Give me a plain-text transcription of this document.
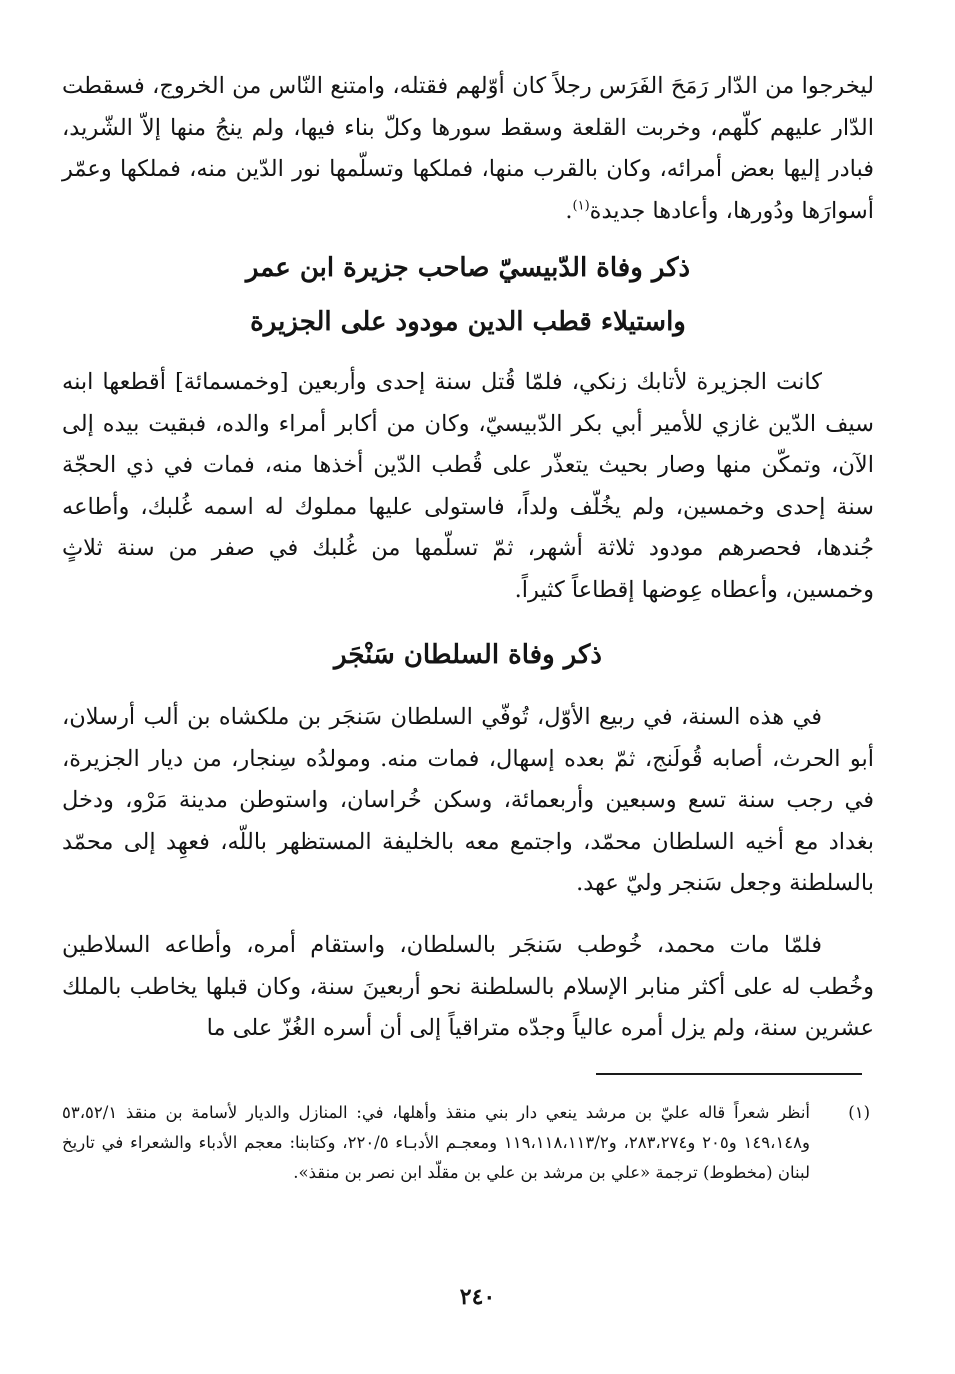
ليخرجوا من الدّار رَمَحَ الفَرَس رجلاً كان أوّلهم فقتله، وامتنع النّاس من الخروج، فسقطت الدّار عليهم كلّهم، وخربت القلعة وسقط سورها وكلّ بناء فيها، ولم ينجُ منها إلاّ الشّريد، فبادر إليها بعض أمرائه، وكان بالقرب منها، فملكها وتسلّمها نور الدّين منه، فملكها وعمّر أسوارَها ودُورها، وأعادها جديدة$^{(١)}$.

ذكر وفاة الدّبيسيّ صاحب جزيرة ابن عمر
واستيلاء قطب الدين مودود على الجزيرة

كانت الجزيرة لأتابك زنكي، فلمّا قُتل سنة إحدى وأربعين [وخمسمائة] أقطعها ابنه سيف الدّين غازي للأمير أبي بكر الدّبيسيّ، وكان من أكابر أمراء والده، فبقيت بيده إلى الآن، وتمكّن منها وصار بحيث يتعذّر على قُطب الدّين أخذها منه، فمات في ذي الحجّة سنة إحدى وخمسين، ولم يخُلّف ولداً، فاستولى عليها مملوك له اسمه غُلبك، وأطاعه جُندها، فحصرهم مودود ثلاثة أشهر، ثمّ تسلّمها من غُلبك في صفر من سنة ثلاثٍ وخمسين، وأعطاه عِوضها إقطاعاً كثيراً.

ذكر وفاة السلطان سَنْجَر

في هذه السنة، في ربيع الأوّل، تُوفّي السلطان سَنجَر بن ملكشاه بن ألب أرسلان، أبو الحرث، أصابه قُولَنج، ثمّ بعده إسهال، فمات منه. ومولدُه سِنجار، من ديار الجزيرة، في رجب سنة تسع وسبعين وأربعمائة، وسكن خُراسان، واستوطن مدينة مَرْو، ودخل بغداد مع أخيه السلطان محمّد، واجتمع معه بالخليفة المستظهر باللّه، فعهِد إلى محمّد بالسلطنة وجعل سَنجر وليّ عهد.

فلمّا مات محمد، خُوطب سَنجَر بالسلطان، واستقام أمره، وأطاعه السلاطين وخُطب له على أكثر منابر الإسلام بالسلطنة نحو أربعينَ سنة، وكان قبلها يخاطب بالملك عشرين سنة، ولم يزل أمره عالياً وجدّه متراقياً إلى أن أسره الغُزّ على ما

(١)
أنظر شعراً قاله عليّ بن مرشد ينعي دار بني منقذ وأهلها، في: المنازل والديار لأسامة بن منقذ ٥٣،٥٢/١ و١٤٩،١٤٨ و٢٠٥ و٢٨٣،٢٧٤، و١١٩،١١٨،١١٣/٢ ومعجـم الأدبـاء ٢٢٠/٥، وكتابنا: معجم الأدباء والشعراء في تاريخ لبنان (مخطوط) ترجمة «علي بن مرشد بن علي بن مقلّد ابن نصر بن منقذ».
٢٤٠
